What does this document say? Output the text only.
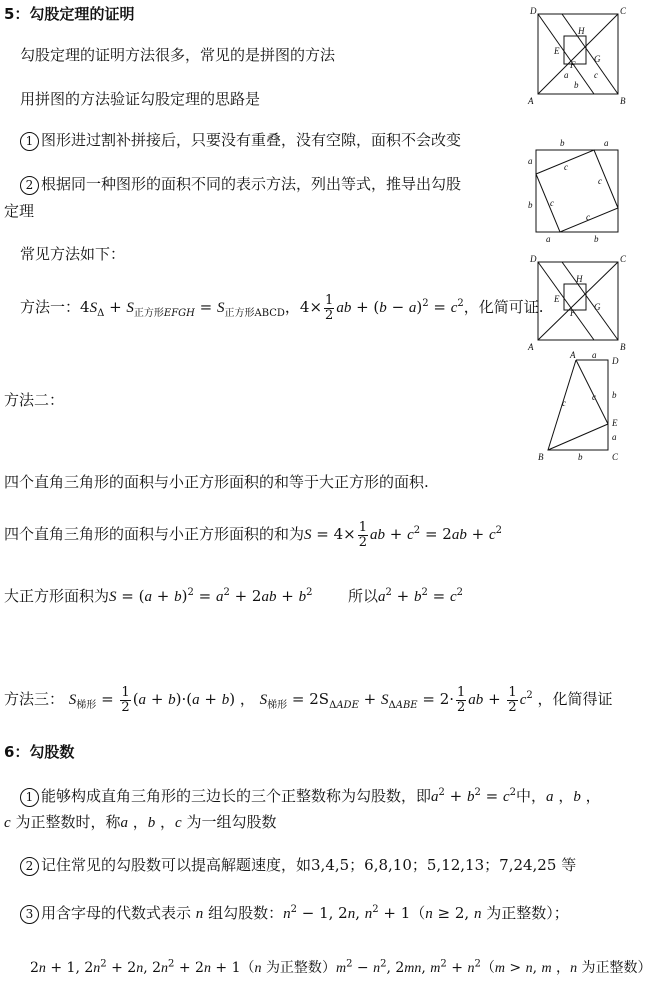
5：勾股定理的证明
勾股定理的证明方法很多，常见的是拼图的方法
用拼图的方法验证勾股定理的思路是
1 图形进过割补拼接后，只要没有重叠，没有空隙，面积不会改变
2 根据同一种图形的面积不同的表示方法，列出等式，推导出勾股
定理
常见方法如下：
方法一：$4S_\Delta + S_{正方形EFGH} = S_{正方形ABCD}$，$4\times \frac{1}{2}$ ab + $(b - a)^2 = c^2$，化简可证.
方法二：
四个直角三角形的面积与小正方形面积的和等于大正方形的面积.
四个直角三角形的面积与小正方形面积的和为$S = 4\times \frac{1}{2}$ ab + $c^2 = 2ab + c^2$
大正方形面积为$S = (a + b)^2 = a^2 + 2ab + b^2$ 所以$a^2 + b^2 = c^2$
方法三： $S_{梯形} = \frac{1}{2} (a + b)\cdot(a + b)$ ， $S_{梯形} = 2S_{\Delta ADE} + S_{\Delta ABE} = 2\cdot \frac{1}{2}$ ab + $\frac{1}{2} c^2$ ，化简得证
6：勾股数
1 能够构成直角三角形的三边长的三个正整数称为勾股数，即$a^2 + b^2 = c^2$中，a ，b ，
c 为正整数时，称a ，b ，c 为一组勾股数
2 记住常见的勾股数可以提高解题速度，如3,4,5；6,8,10；5,12,13；7,24,25 等
3 用含字母的代数式表示 n 组勾股数：$n^2 - 1$, 2n, $n^2 + 1(n \ge 2$, n 为正整数）；
2n + 1, $2n^2 + 2n$, $2n^2 + 2n + 1(n$ 为正整数）$m^2 - n^2$, 2mn, $m^2 + n^2(m > n$, m ，n 为正整数）
D	C
H
E
F
G
a
b
c
A	B
b	a
a
c
c
c
b
c
a	b
D	C
H
E
F
G
A	B
A a
D
c
c
E
b
a
B	b	C
